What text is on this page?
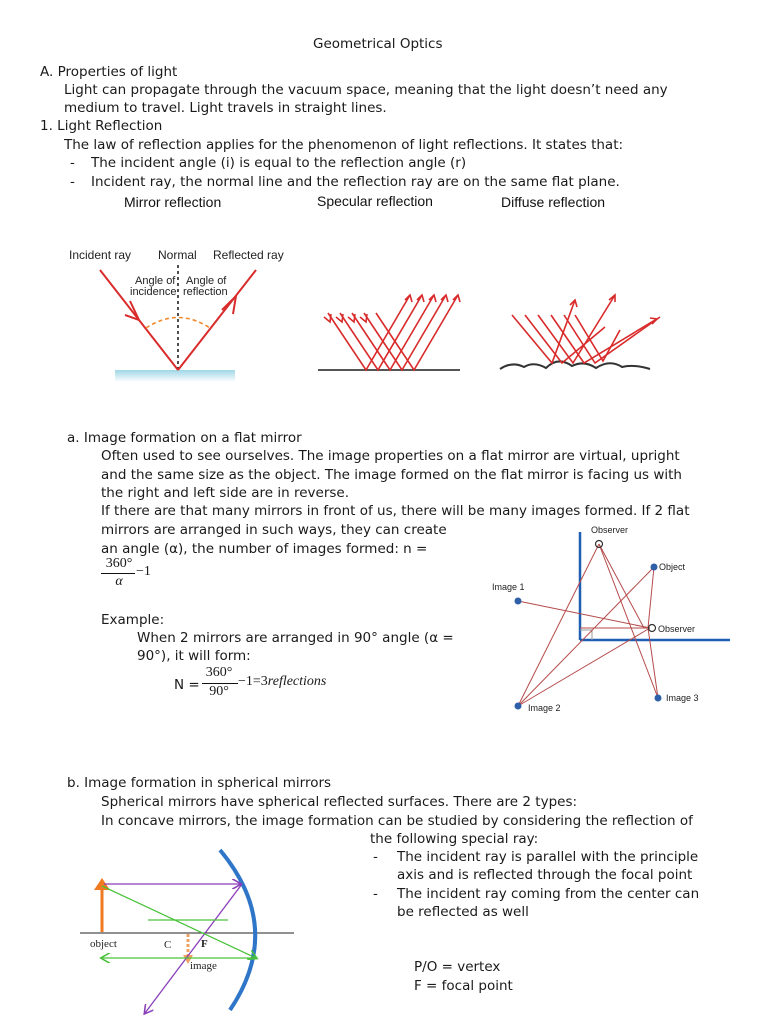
Geometrical Optics
A. Properties of light
Light can propagate through the vacuum space, meaning that the light doesn’t need any
medium to travel. Light travels in straight lines.
1. Light Reflection
The law of reflection applies for the phenomenon of light reflections. It states that:
- The incident angle (i) is equal to the reflection angle (r)
- Incident ray, the normal line and the reflection ray are on the same flat plane.
Mirror reflection	Specular reflection	Diffuse reflection
Incident ray Normal Reflected ray
Angle of
incidence
Angle of
reflection
a. Image formation on a flat mirror
Often used to see ourselves. The image properties on a flat mirror are virtual, upright
and the same size as the object. The image formed on the flat mirror is facing us with
the right and left side are in reverse.
If there are that many mirrors in front of us, there will be many images formed. If 2 flat
mirrors are arranged in such ways, they can create
an angle (α), the number of images formed: n =
360°
α
−1
Example:
When 2 mirrors are arranged in 90° angle (α =
90°), it will form:
N =
360°
90°
−1=3reflections
Observer
Object
Image 1
Observer
Image 2
Image 3
b. Image formation in spherical mirrors
Spherical mirrors have spherical reflected surfaces. There are 2 types:
In concave mirrors, the image formation can be studied by considering the reflection of
the following special ray:
- The incident ray is parallel with the principle
axis and is reflected through the focal point
- The incident ray coming from the center can
be reflected as well
P/O = vertex
F = focal point
object	C	F
image
